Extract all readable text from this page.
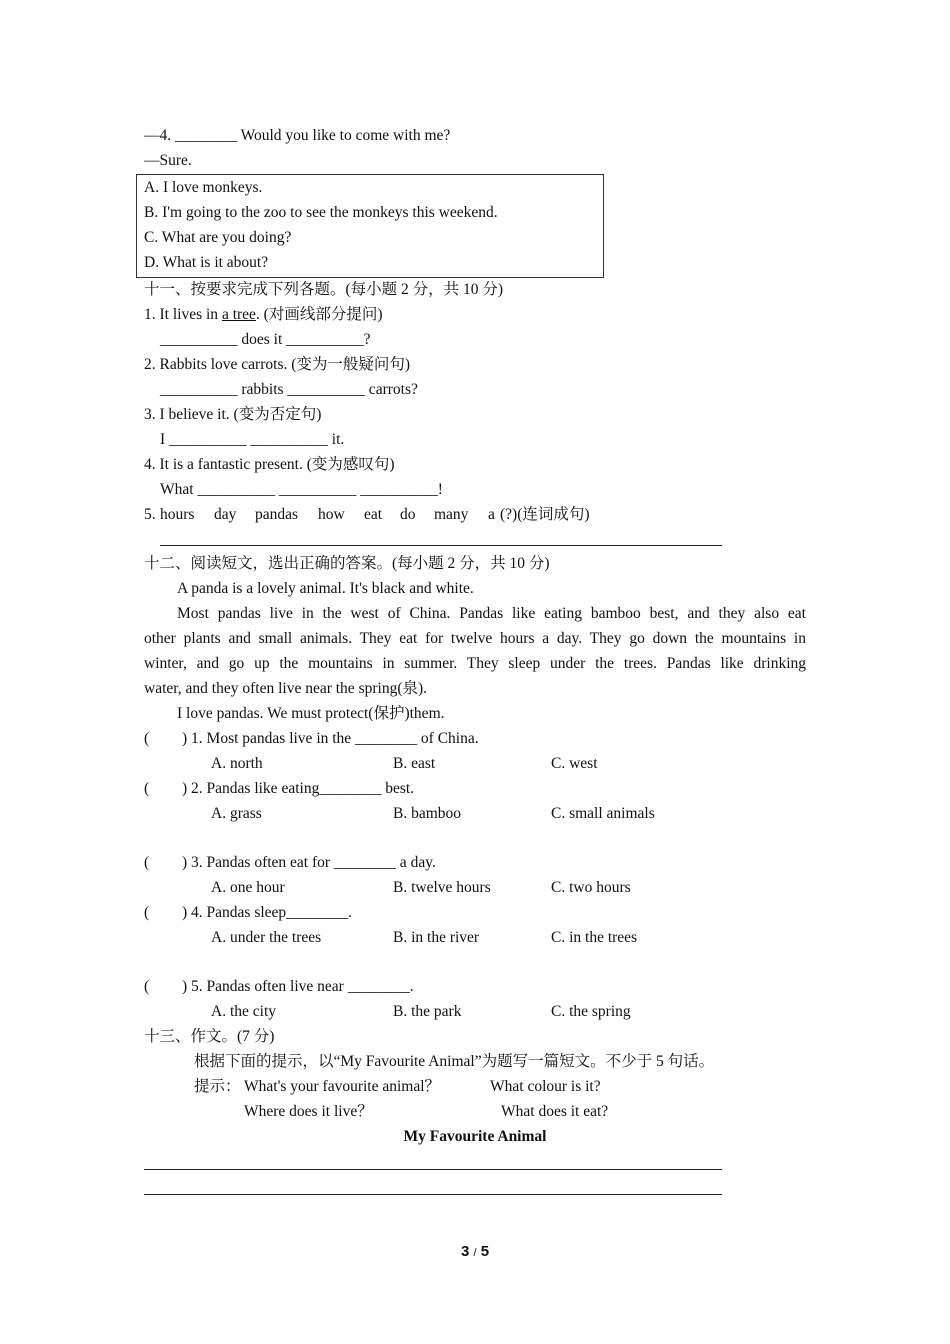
—4. ________ Would you like to come with me?
—Sure.
A. I love monkeys.
B. I'm going to the zoo to see the monkeys this weekend.
C. What are you doing?
D. What is it about?
十一、按要求完成下列各题。(每小题 2 分，共 10 分)
1. It lives in a tree. (对画线部分提问)
__________ does it __________?
2. Rabbits love carrots. (变为一般疑问句)
__________ rabbits __________ carrots?
3. I believe it. (变为否定句)
I __________ __________ it.
4. It is a fantastic present. (变为感叹句)
What __________ __________ __________!
5. hours day pandas how eat do many a (?)(连词成句)
十二、阅读短文，选出正确的答案。(每小题 2 分，共 10 分)
A panda is a lovely animal. It's black and white.
Most pandas live in the west of China. Pandas like eating bamboo best, and they also eat
other plants and small animals. They eat for twelve hours a day. They go down the mountains in
winter, and go up the mountains in summer. They sleep under the trees. Pandas like drinking
water, and they often live near the spring(泉).
I love pandas. We must protect(保护)them.
( ) 1. Most pandas live in the ________ of China.
A. north	B. east	C. west
( ) 2. Pandas like eating________ best.
A. grass	B. bamboo	C. small animals
( ) 3. Pandas often eat for ________ a day.
A. one hour	B. twelve hours	C. two hours
( ) 4. Pandas sleep________.
A. under the trees	B. in the river	C. in the trees
( ) 5. Pandas often live near ________.
A. the city	B. the park	C. the spring
十三、作文。(7 分)
根据下面的提示，以“My Favourite Animal”为题写一篇短文。不少于 5 句话。
提示： What's your favourite animal？	What colour is it?
Where does it live？	What does it eat?
My Favourite Animal
3 / 5
